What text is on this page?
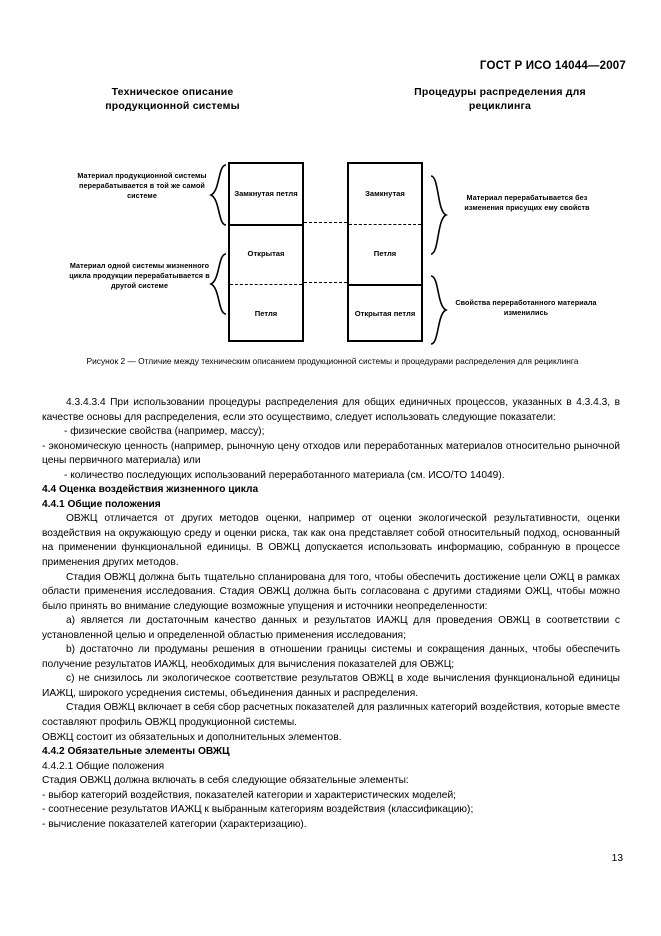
ГОСТ Р ИСО 14044—2007
Техническое описание продукционной системы
Процедуры распределения для рециклинга
Материал продукционной системы перерабатывается в той же самой системе
Материал одной системы жизненного цикла продукции перерабатывается в другой системе
Материал перерабатывается без изменения присущих ему свойств
Свойства переработанного материала изменились
Замкнутая петля
Открытая
Петля
Замкнутая
Петля
Открытая петля
Рисунок 2 — Отличие между техническим описанием продукционной системы и процедурами распределения для рециклинга

4.3.4.3.4 При использовании процедуры распределения для общих единичных процессов, указанных в 4.3.4.3, в качестве основы для распределения, если это осуществимо, следует использовать следующие показатели:

- физические свойства (например, массу);

- экономическую ценность (например, рыночную цену отходов или переработанных материалов относительно рыночной цены первичного материала) или

- количество последующих использований переработанного материала (см. ИСО/ТО 14049).

4.4 Оценка воздействия жизненного цикла

4.4.1 Общие положения

ОВЖЦ отличается от других методов оценки, например от оценки экологической результативности, оценки воздействия на окружающую среду и оценки риска, так как она представляет собой относительный подход, основанный на применении функциональной единицы. В ОВЖЦ допускается использовать информацию, собранную в процессе применения других методов.

Стадия ОВЖЦ должна быть тщательно спланирована для того, чтобы обеспечить достижение цели ОЖЦ в рамках области применения исследования. Стадия ОВЖЦ должна быть согласована с другими стадиями ОЖЦ, чтобы можно было принять во внимание следующие возможные упущения и источники неопределенности:

a) является ли достаточным качество данных и результатов ИАЖЦ для проведения ОВЖЦ в соответствии с установленной целью и определенной областью применения исследования;

b) достаточно ли продуманы решения в отношении границы системы и сокращения данных, чтобы обеспечить получение результатов ИАЖЦ, необходимых для вычисления показателей для ОВЖЦ;

c) не снизилось ли экологическое соответствие результатов ОВЖЦ в ходе вычисления функциональной единицы ИАЖЦ, широкого усреднения системы, объединения данных и распределения.

Стадия ОВЖЦ включает в себя сбор расчетных показателей для различных категорий воздействия, которые вместе составляют профиль ОВЖЦ продукционной системы.

ОВЖЦ состоит из обязательных и дополнительных элементов.

4.4.2 Обязательные элементы ОВЖЦ

4.4.2.1 Общие положения

Стадия ОВЖЦ должна включать в себя следующие обязательные элементы:

- выбор категорий воздействия, показателей категории и характеристических моделей;

- соотнесение результатов ИАЖЦ к выбранным категориям воздействия (классификацию);

- вычисление показателей категории (характеризацию).

13
